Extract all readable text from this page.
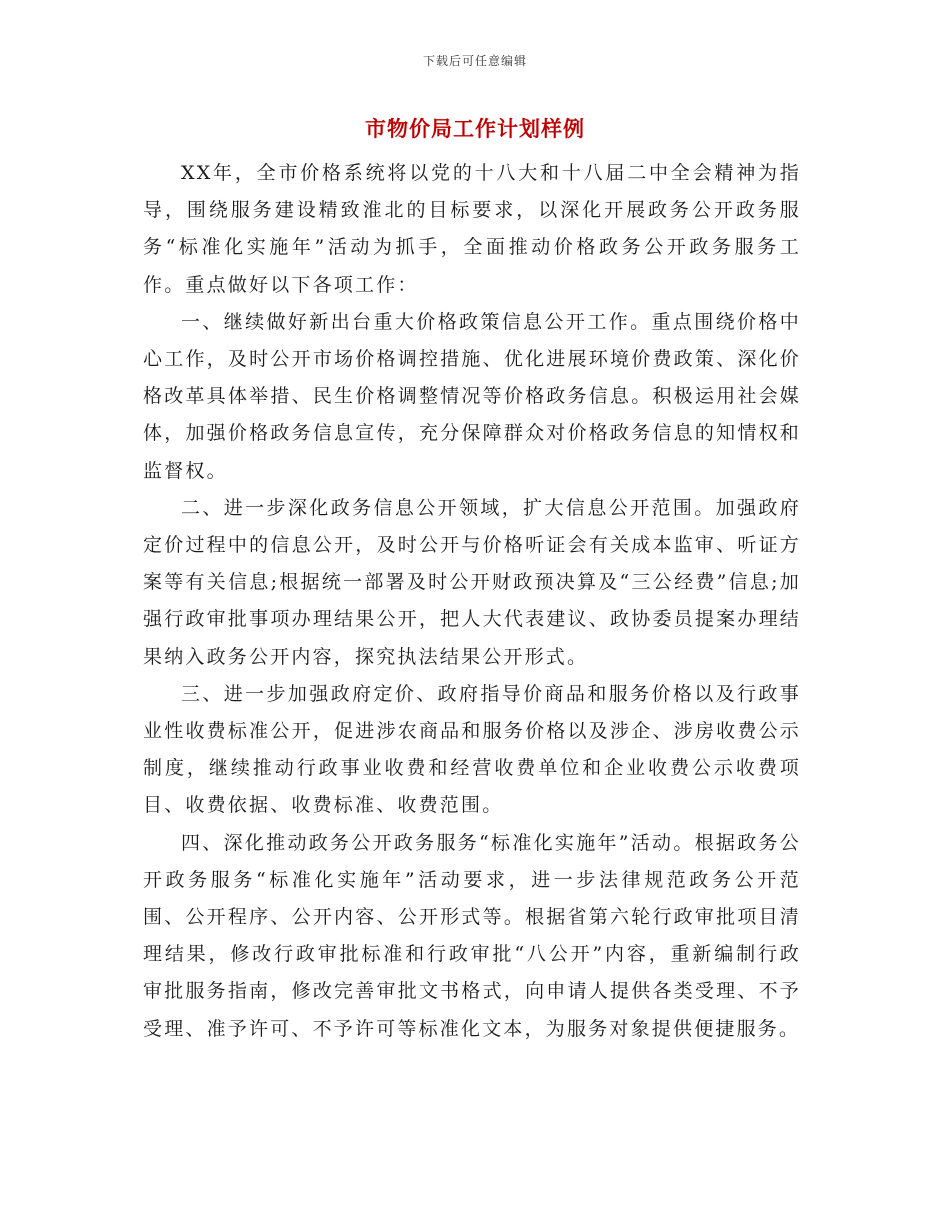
下载后可任意编辑
市物价局工作计划样例

XX年，全市价格系统将以党的十八大和十八届二中全会精神为指导，围绕服务建设精致淮北的目标要求，以深化开展政务公开政务服务“标准化实施年”活动为抓手，全面推动价格政务公开政务服务工作。重点做好以下各项工作：

一、继续做好新出台重大价格政策信息公开工作。重点围绕价格中心工作，及时公开市场价格调控措施、优化进展环境价费政策、深化价格改革具体举措、民生价格调整情况等价格政务信息。积极运用社会媒体，加强价格政务信息宣传，充分保障群众对价格政务信息的知情权和监督权。

二、进一步深化政务信息公开领域，扩大信息公开范围。加强政府定价过程中的信息公开，及时公开与价格听证会有关成本监审、听证方案等有关信息;根据统一部署及时公开财政预决算及“三公经费”信息;加强行政审批事项办理结果公开，把人大代表建议、政协委员提案办理结果纳入政务公开内容，探究执法结果公开形式。

三、进一步加强政府定价、政府指导价商品和服务价格以及行政事业性收费标准公开，促进涉农商品和服务价格以及涉企、涉房收费公示制度，继续推动行政事业收费和经营收费单位和企业收费公示收费项目、收费依据、收费标准、收费范围。

四、深化推动政务公开政务服务“标准化实施年”活动。根据政务公开政务服务“标准化实施年”活动要求，进一步法律规范政务公开范围、公开程序、公开内容、公开形式等。根据省第六轮行政审批项目清理结果，修改行政审批标准和行政审批“八公开”内容，重新编制行政审批服务指南，修改完善审批文书格式，向申请人提供各类受理、不予受理、准予许可、不予许可等标准化文本，为服务对象提供便捷服务。
